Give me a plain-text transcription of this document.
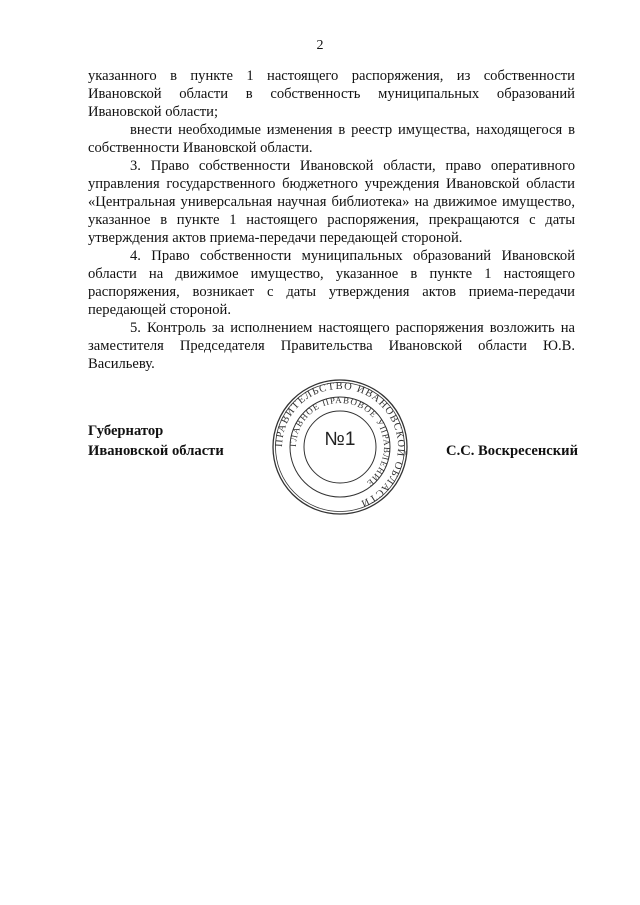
2

указанного в пункте 1 настоящего распоряжения, из собственности Ивановской области в собственность муниципальных образований Ивановской области;

внести необходимые изменения в реестр имущества, находящегося в собственности Ивановской области.

3. Право собственности Ивановской области, право оперативного управления государственного бюджетного учреждения Ивановской области «Центральная универсальная научная библиотека» на движимое имущество, указанное в пункте 1 настоящего распоряжения, прекращаются с даты утверждения актов приема-передачи передающей стороной.

4. Право собственности муниципальных образований Ивановской области на движимое имущество, указанное в пункте 1 настоящего распоряжения, возникает с даты утверждения актов приема-передачи передающей стороной.

5. Контроль за исполнением настоящего распоряжения возложить на заместителя Председателя Правительства Ивановской области Ю.В. Васильеву.

Губернатор
Ивановской области	С.С. Воскресенский
ПРАВИТЕЛЬСТВО ИВАНОВСКОЙ ОБЛАСТИ
ГЛАВНОЕ ПРАВОВОЕ УПРАВЛЕНИЕ
№1
